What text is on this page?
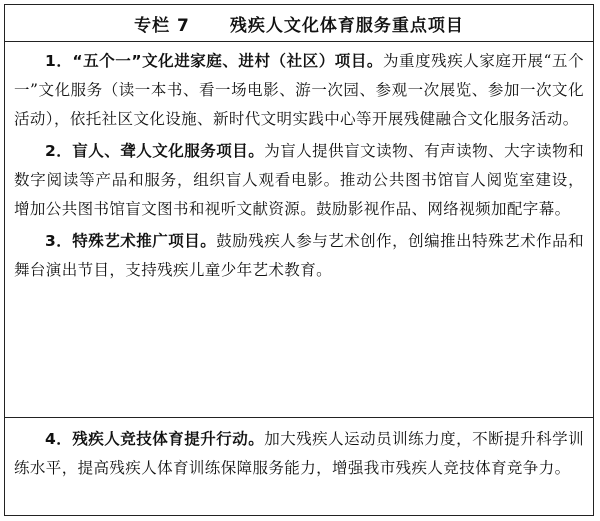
专栏 7 残疾人文化体育服务重点项目

1．“五个一”文化进家庭、进村（社区）项目。为重度残疾人家庭开展“五个一”文化服务（读一本书、看一场电影、游一次园、参观一次展览、参加一次文化活动），依托社区文化设施、新时代文明实践中心等开展残健融合文化服务活动。

2．盲人、聋人文化服务项目。为盲人提供盲文读物、有声读物、大字读物和数字阅读等产品和服务，组织盲人观看电影。推动公共图书馆盲人阅览室建设，增加公共图书馆盲文图书和视听文献资源。鼓励影视作品、网络视频加配字幕。

3．特殊艺术推广项目。鼓励残疾人参与艺术创作，创编推出特殊艺术作品和舞台演出节目，支持残疾儿童少年艺术教育。

4．残疾人竞技体育提升行动。加大残疾人运动员训练力度，不断提升科学训练水平，提高残疾人体育训练保障服务能力，增强我市残疾人竞技体育竞争力。
